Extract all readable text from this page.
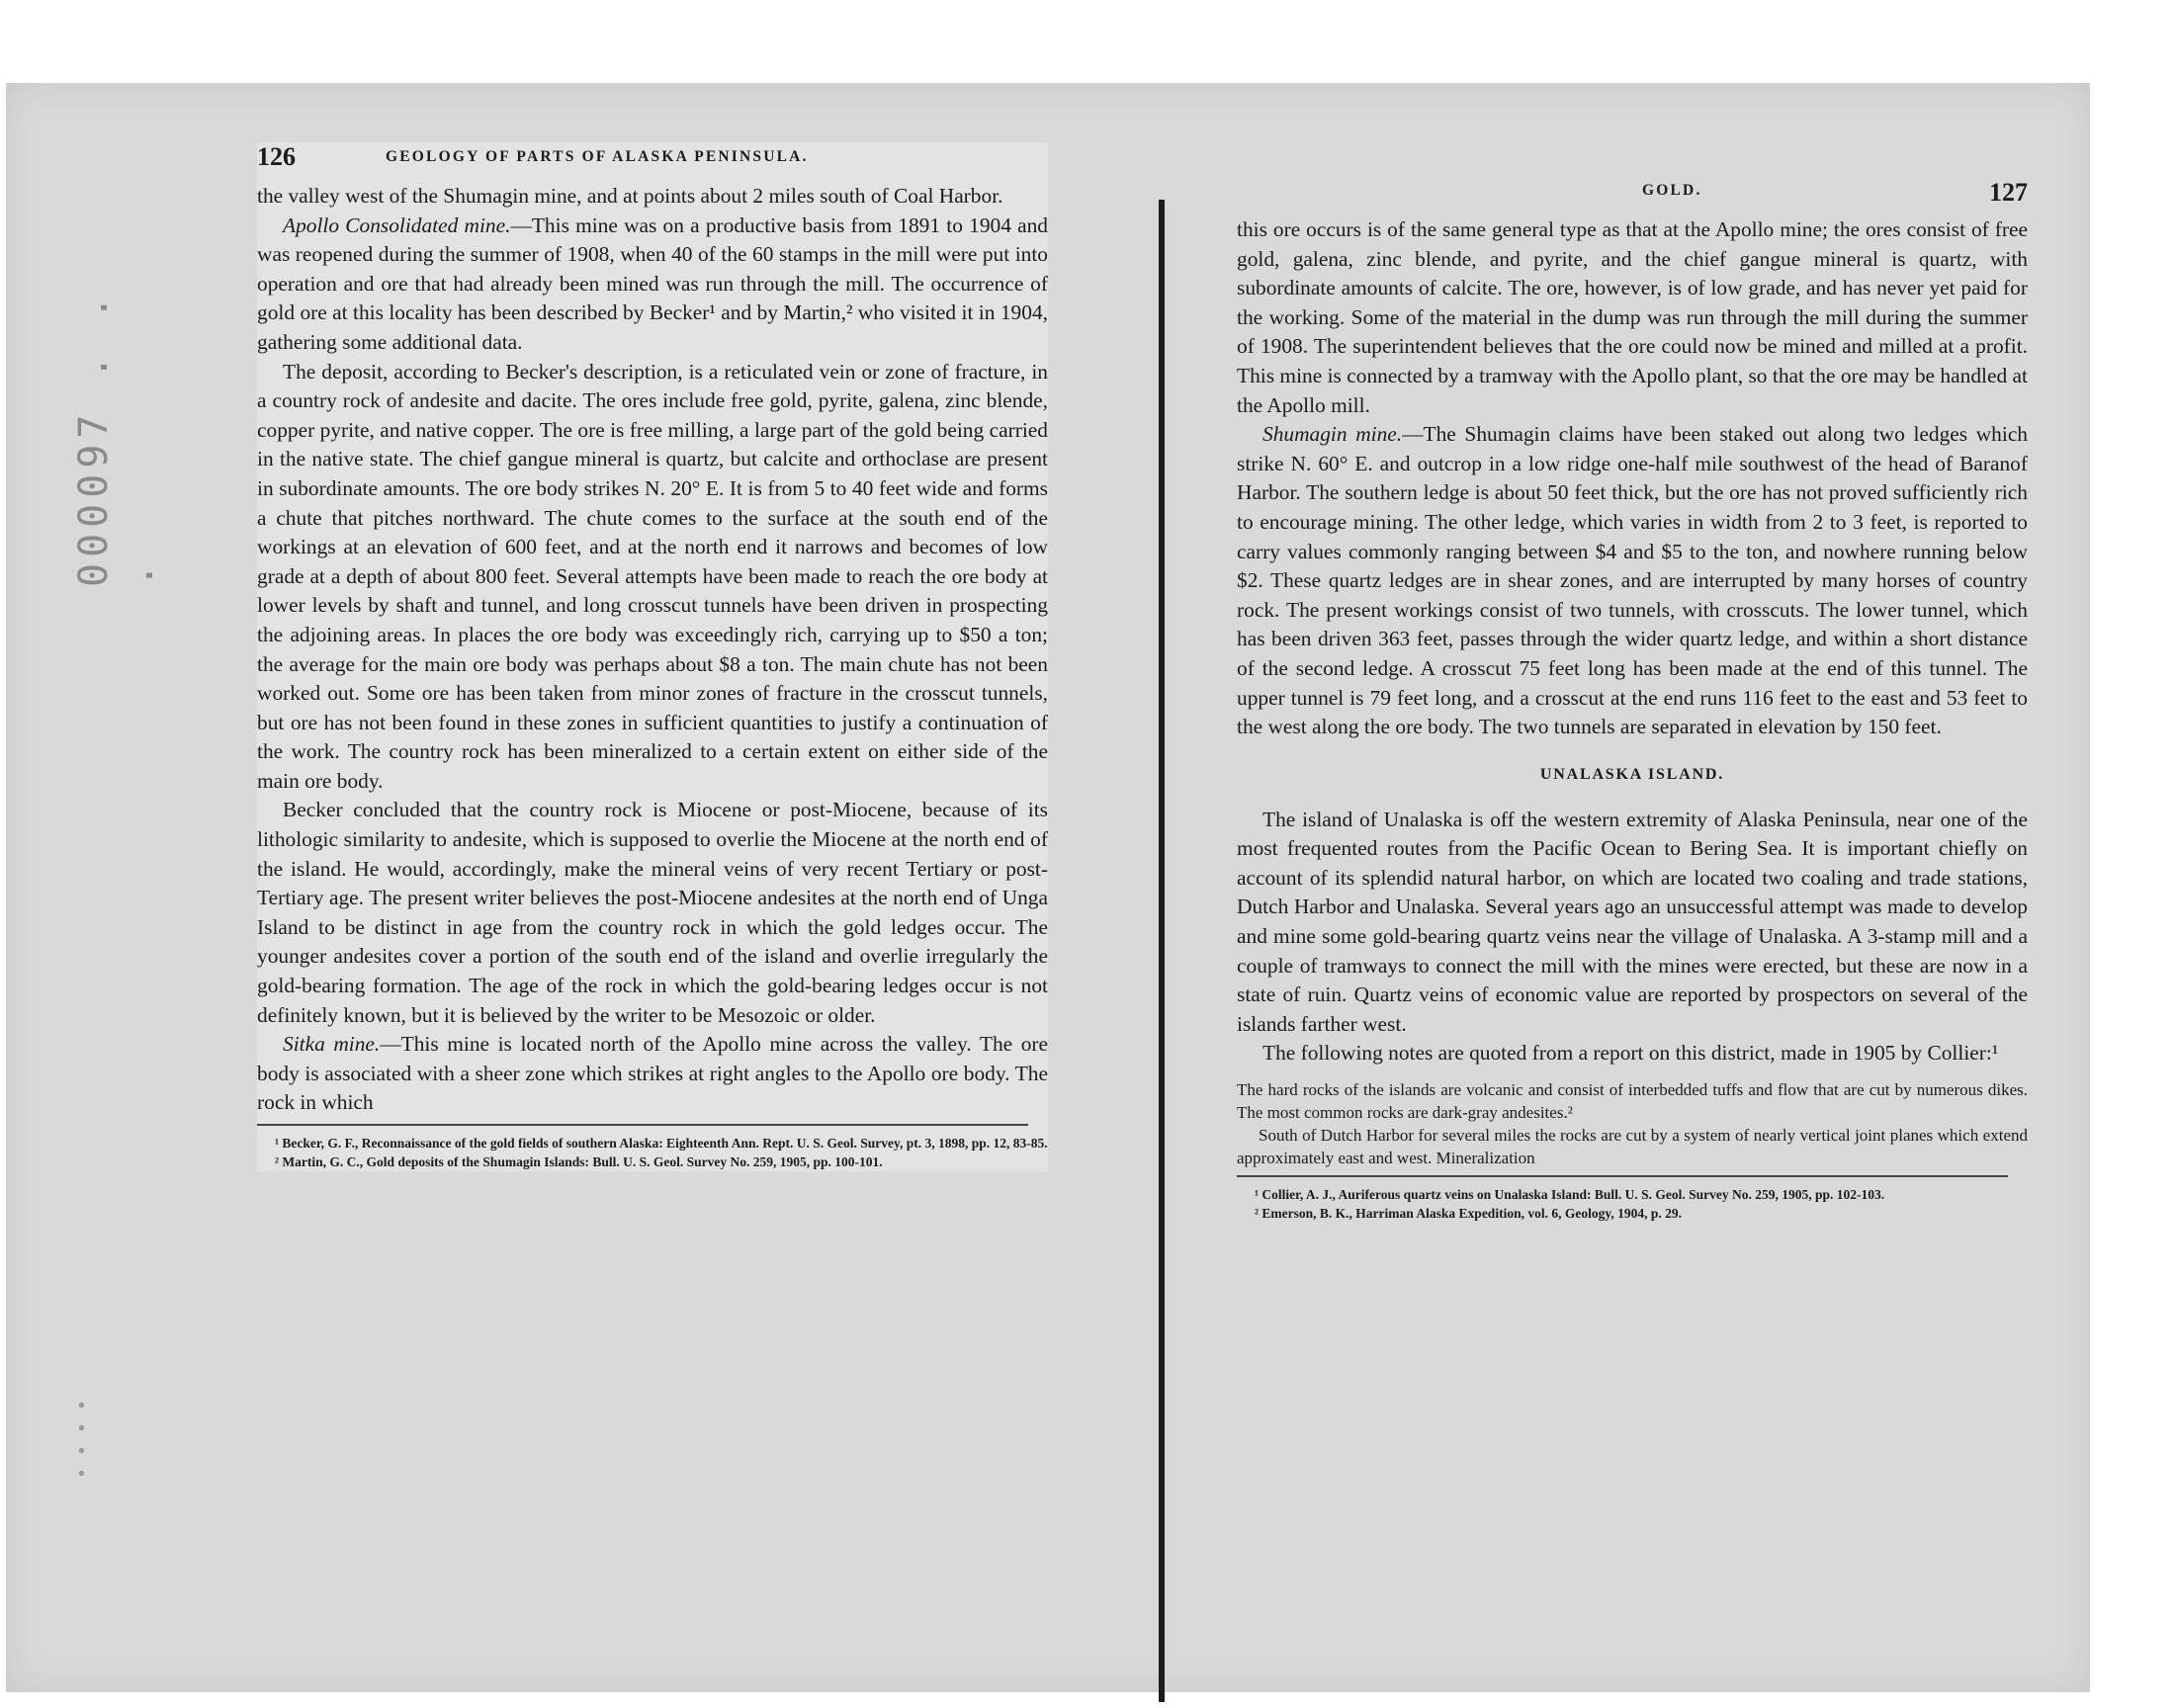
000097 . . .
126	GEOLOGY OF PARTS OF ALASKA PENINSULA.

the valley west of the Shumagin mine, and at points about 2 miles south of Coal Harbor.

Apollo Consolidated mine.—This mine was on a productive basis from 1891 to 1904 and was reopened during the summer of 1908, when 40 of the 60 stamps in the mill were put into operation and ore that had already been mined was run through the mill. The occurrence of gold ore at this locality has been described by Becker¹ and by Martin,² who visited it in 1904, gathering some additional data.

The deposit, according to Becker's description, is a reticulated vein or zone of fracture, in a country rock of andesite and dacite. The ores include free gold, pyrite, galena, zinc blende, copper pyrite, and native copper. The ore is free milling, a large part of the gold being carried in the native state. The chief gangue mineral is quartz, but calcite and orthoclase are present in subordinate amounts. The ore body strikes N. 20° E. It is from 5 to 40 feet wide and forms a chute that pitches northward. The chute comes to the surface at the south end of the workings at an elevation of 600 feet, and at the north end it narrows and becomes of low grade at a depth of about 800 feet. Several attempts have been made to reach the ore body at lower levels by shaft and tunnel, and long crosscut tunnels have been driven in prospecting the adjoining areas. In places the ore body was exceedingly rich, carrying up to $50 a ton; the average for the main ore body was perhaps about $8 a ton. The main chute has not been worked out. Some ore has been taken from minor zones of fracture in the crosscut tunnels, but ore has not been found in these zones in sufficient quantities to justify a continuation of the work. The country rock has been mineralized to a certain extent on either side of the main ore body.

Becker concluded that the country rock is Miocene or post-Miocene, because of its lithologic similarity to andesite, which is supposed to overlie the Miocene at the north end of the island. He would, accordingly, make the mineral veins of very recent Tertiary or post-Tertiary age. The present writer believes the post-Miocene andesites at the north end of Unga Island to be distinct in age from the country rock in which the gold ledges occur. The younger andesites cover a portion of the south end of the island and overlie irregularly the gold-bearing formation. The age of the rock in which the gold-bearing ledges occur is not definitely known, but it is believed by the writer to be Mesozoic or older.

Sitka mine.—This mine is located north of the Apollo mine across the valley. The ore body is associated with a sheer zone which strikes at right angles to the Apollo ore body. The rock in which

¹ Becker, G. F., Reconnaissance of the gold fields of southern Alaska: Eighteenth Ann. Rept. U. S. Geol. Survey, pt. 3, 1898, pp. 12, 83-85.

² Martin, G. C., Gold deposits of the Shumagin Islands: Bull. U. S. Geol. Survey No. 259, 1905, pp. 100-101.

GOLD.	127

this ore occurs is of the same general type as that at the Apollo mine; the ores consist of free gold, galena, zinc blende, and pyrite, and the chief gangue mineral is quartz, with subordinate amounts of calcite. The ore, however, is of low grade, and has never yet paid for the working. Some of the material in the dump was run through the mill during the summer of 1908. The superintendent believes that the ore could now be mined and milled at a profit. This mine is connected by a tramway with the Apollo plant, so that the ore may be handled at the Apollo mill.

Shumagin mine.—The Shumagin claims have been staked out along two ledges which strike N. 60° E. and outcrop in a low ridge one-half mile southwest of the head of Baranof Harbor. The southern ledge is about 50 feet thick, but the ore has not proved sufficiently rich to encourage mining. The other ledge, which varies in width from 2 to 3 feet, is reported to carry values commonly ranging between $4 and $5 to the ton, and nowhere running below $2. These quartz ledges are in shear zones, and are interrupted by many horses of country rock. The present workings consist of two tunnels, with crosscuts. The lower tunnel, which has been driven 363 feet, passes through the wider quartz ledge, and within a short distance of the second ledge. A crosscut 75 feet long has been made at the end of this tunnel. The upper tunnel is 79 feet long, and a crosscut at the end runs 116 feet to the east and 53 feet to the west along the ore body. The two tunnels are separated in elevation by 150 feet.

UNALASKA ISLAND.

The island of Unalaska is off the western extremity of Alaska Peninsula, near one of the most frequented routes from the Pacific Ocean to Bering Sea. It is important chiefly on account of its splendid natural harbor, on which are located two coaling and trade stations, Dutch Harbor and Unalaska. Several years ago an unsuccessful attempt was made to develop and mine some gold-bearing quartz veins near the village of Unalaska. A 3-stamp mill and a couple of tramways to connect the mill with the mines were erected, but these are now in a state of ruin. Quartz veins of economic value are reported by prospectors on several of the islands farther west.

The following notes are quoted from a report on this district, made in 1905 by Collier:¹

The hard rocks of the islands are volcanic and consist of interbedded tuffs and flow that are cut by numerous dikes. The most common rocks are dark-gray andesites.²

South of Dutch Harbor for several miles the rocks are cut by a system of nearly vertical joint planes which extend approximately east and west. Mineralization

¹ Collier, A. J., Auriferous quartz veins on Unalaska Island: Bull. U. S. Geol. Survey No. 259, 1905, pp. 102-103.

² Emerson, B. K., Harriman Alaska Expedition, vol. 6, Geology, 1904, p. 29.
